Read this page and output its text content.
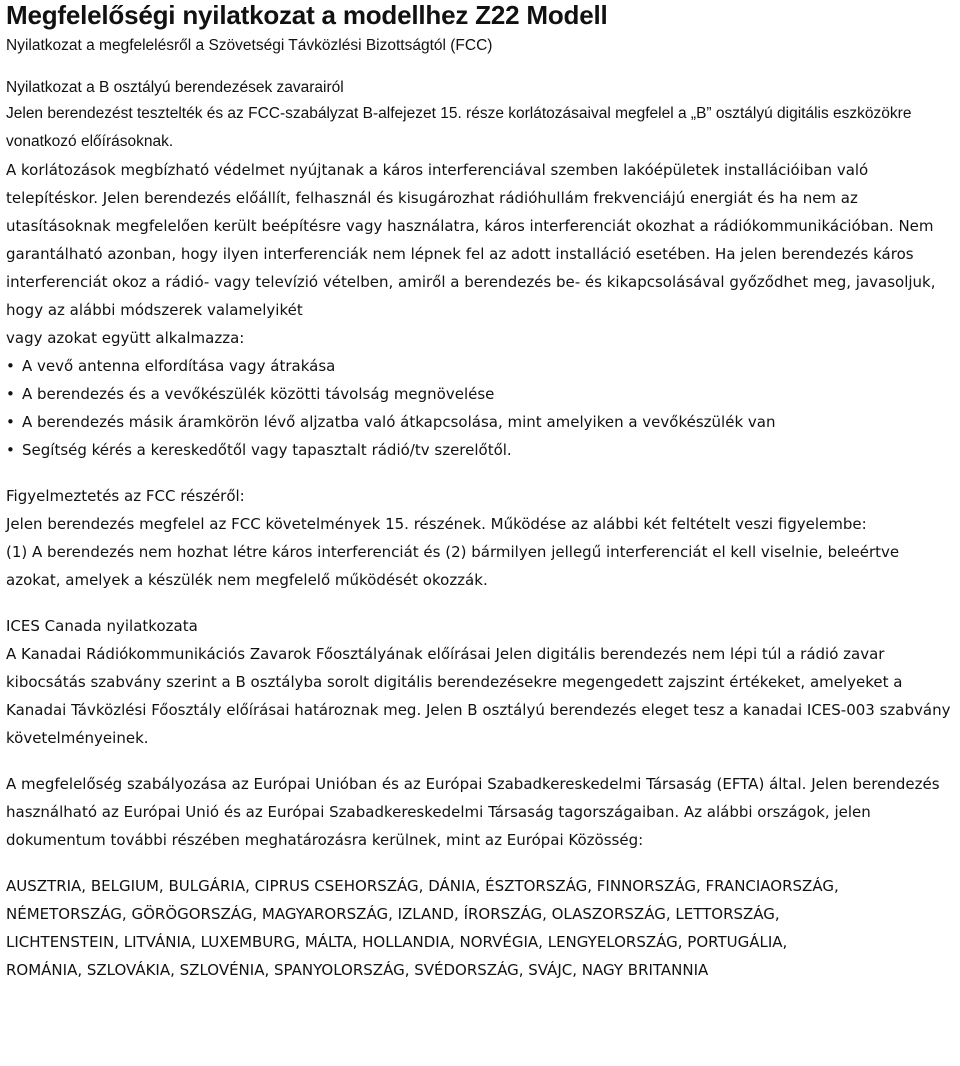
Megfelelőségi nyilatkozat a modellhez Z22 Modell
Nyilatkozat a megfelelésről a Szövetségi Távközlési Bizottságtól (FCC)

Nyilatkozat a B osztályú berendezések zavarairól

Jelen berendezést tesztelték és az FCC-szabályzat B-alfejezet 15. része korlátozásaival megfelel a „B” osztályú digitális eszközökre vonatkozó előírásoknak.

A korlátozások megbízható védelmet nyújtanak a káros interferenciával szemben lakóépületek installációiban való telepítéskor. Jelen berendezés előállít, felhasznál és kisugározhat rádióhullám frekvenciájú energiát és ha nem az utasításoknak megfelelően került beépítésre vagy használatra, káros interferenciát okozhat a rádiókommunikációban. Nem garantálható azonban, hogy ilyen interferenciák nem lépnek fel az adott installáció esetében. Ha jelen berendezés káros interferenciát okoz a rádió- vagy televízió vételben, amiről a berendezés be- és kikapcsolásával győződhet meg, javasoljuk, hogy az alábbi módszerek valamelyikét

vagy azokat együtt alkalmazza:

• A vevő antenna elfordítása vagy átrakása
• A berendezés és a vevőkészülék közötti távolság megnövelése
• A berendezés másik áramkörön lévő aljzatba való átkapcsolása, mint amelyiken a vevőkészülék van
• Segítség kérés a kereskedőtől vagy tapasztalt rádió/tv szerelőtől.

Figyelmeztetés az FCC részéről:

Jelen berendezés megfelel az FCC követelmények 15. részének. Működése az alábbi két feltételt veszi figyelembe:

(1) A berendezés nem hozhat létre káros interferenciát és (2) bármilyen jellegű interferenciát el kell viselnie, beleértve azokat, amelyek a készülék nem megfelelő működését okozzák.

ICES Canada nyilatkozata

A Kanadai Rádiókommunikációs Zavarok Főosztályának előírásai Jelen digitális berendezés nem lépi túl a rádió zavar kibocsátás szabvány szerint a B osztályba sorolt digitális berendezésekre megengedett zajszint értékeket, amelyeket a Kanadai Távközlési Főosztály előírásai határoznak meg. Jelen B osztályú berendezés eleget tesz a kanadai ICES-003 szabvány követelményeinek.

A megfelelőség szabályozása az Európai Unióban és az Európai Szabadkereskedelmi Társaság (EFTA) által. Jelen berendezés használható az Európai Unió és az Európai Szabadkereskedelmi Társaság tagországaiban. Az alábbi országok, jelen dokumentum további részében meghatározásra kerülnek, mint az Európai Közösség:

AUSZTRIA, BELGIUM, BULGÁRIA, CIPRUS CSEHORSZÁG, DÁNIA, ÉSZTORSZÁG, FINNORSZÁG, FRANCIAORSZÁG,
NÉMETORSZÁG, GÖRÖGORSZÁG, MAGYARORSZÁG, IZLAND, ÍRORSZÁG, OLASZORSZÁG, LETTORSZÁG,
LICHTENSTEIN, LITVÁNIA, LUXEMBURG, MÁLTA, HOLLANDIA, NORVÉGIA, LENGYELORSZÁG, PORTUGÁLIA,
ROMÁNIA, SZLOVÁKIA, SZLOVÉNIA, SPANYOLORSZÁG, SVÉDORSZÁG, SVÁJC, NAGY BRITANNIA
